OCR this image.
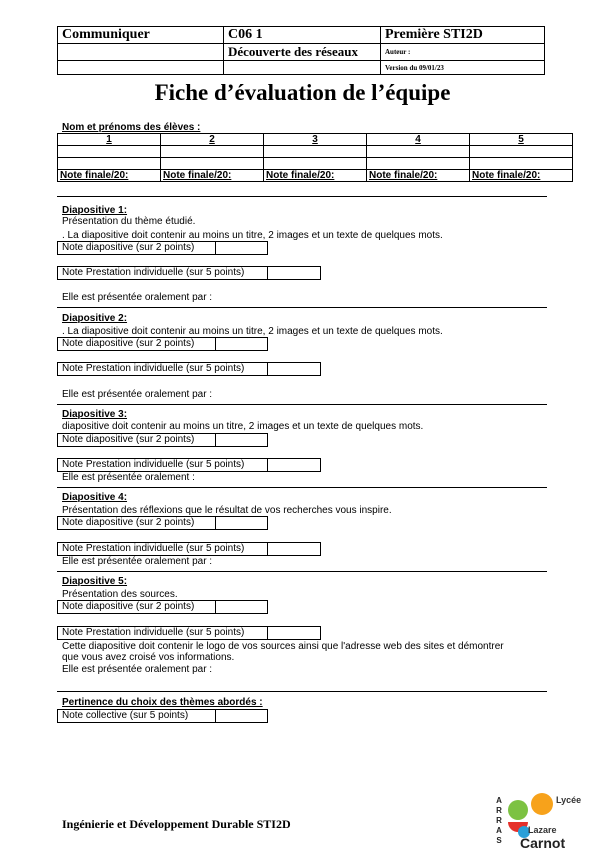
Communiquer	C06 1	Première STI2D
	Découverte des réseaux	Auteur :
		Version du 09/01/23
Fiche d’évaluation de l’équipe
Nom et prénoms des élèves :
1	2	3	4	5

Note finale/20:	Note finale/20:	Note finale/20:	Note finale/20:	Note finale/20:
Diapositive 1:
Présentation du thème étudié.
. La diapositive doit contenir au moins un titre, 2 images et un texte de quelques mots.
Note diapositive (sur 2 points)
Note Prestation individuelle (sur 5 points)
Elle est présentée oralement par :
Diapositive 2:
. La diapositive doit contenir au moins un titre, 2 images et un texte de quelques mots.
Note diapositive (sur 2 points)
Note Prestation individuelle (sur 5 points)
Elle est présentée oralement par :
Diapositive 3:
diapositive doit contenir au moins un titre, 2 images et un texte de quelques mots.
Note diapositive (sur 2 points)
Note Prestation individuelle (sur 5 points)
Elle est présentée oralement :
Diapositive 4:
Présentation des réflexions que le résultat de vos recherches vous inspire.
Note diapositive (sur 2 points)
Note Prestation individuelle (sur 5 points)
Elle est présentée oralement par :
Diapositive 5:
Présentation des sources.
Note diapositive (sur 2 points)
Note Prestation individuelle (sur 5 points)
Cette diapositive doit contenir le logo de vos sources ainsi que l'adresse web des sites et démontrer
que vous avez croisé vos informations.
Elle est présentée oralement par :
Pertinence du choix des thèmes abordés :
Note collective (sur 5 points)
Ingénierie et Développement Durable STI2D
A
R
R
A
S
Lycée
Lazare
Carnot
